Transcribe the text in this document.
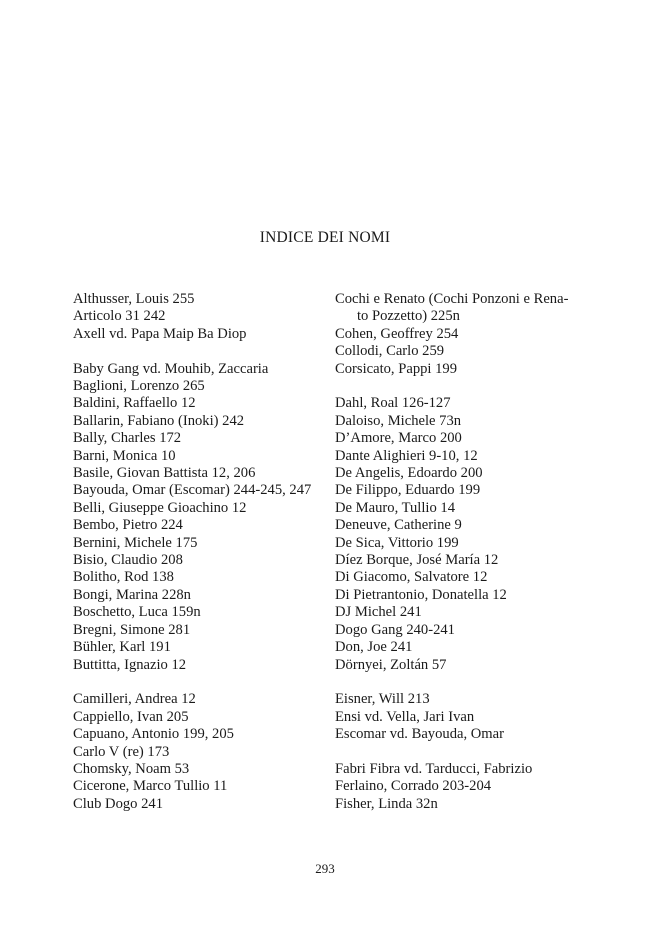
INDICE DEI NOMI
Althusser, Louis 255
Articolo 31 242
Axell vd. Papa Maip Ba Diop
Baby Gang vd. Mouhib, Zaccaria
Baglioni, Lorenzo 265
Baldini, Raffaello 12
Ballarin, Fabiano (Inoki) 242
Bally, Charles 172
Barni, Monica 10
Basile, Giovan Battista 12, 206
Bayouda, Omar (Escomar) 244-245, 247
Belli, Giuseppe Gioachino 12
Bembo, Pietro 224
Bernini, Michele 175
Bisio, Claudio 208
Bolitho, Rod 138
Bongi, Marina 228n
Boschetto, Luca 159n
Bregni, Simone 281
Bühler, Karl 191
Buttitta, Ignazio 12
Camilleri, Andrea 12
Cappiello, Ivan 205
Capuano, Antonio 199, 205
Carlo V (re) 173
Chomsky, Noam 53
Cicerone, Marco Tullio 11
Club Dogo 241
Cochi e Renato (Cochi Ponzoni e Rena-
to Pozzetto) 225n
Cohen, Geoffrey 254
Collodi, Carlo 259
Corsicato, Pappi 199
Dahl, Roal 126-127
Daloiso, Michele 73n
D’Amore, Marco 200
Dante Alighieri 9-10, 12
De Angelis, Edoardo 200
De Filippo, Eduardo 199
De Mauro, Tullio 14
Deneuve, Catherine 9
De Sica, Vittorio 199
Díez Borque, José María 12
Di Giacomo, Salvatore 12
Di Pietrantonio, Donatella 12
DJ Michel 241
Dogo Gang 240-241
Don, Joe 241
Dörnyei, Zoltán 57
Eisner, Will 213
Ensi vd. Vella, Jari Ivan
Escomar vd. Bayouda, Omar
Fabri Fibra vd. Tarducci, Fabrizio
Ferlaino, Corrado 203-204
Fisher, Linda 32n
293
